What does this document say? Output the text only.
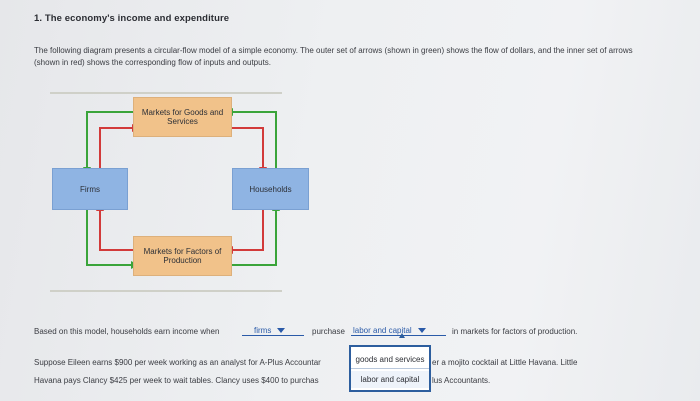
1. The economy's income and expenditure
The following diagram presents a circular-flow model of a simple economy. The outer set of arrows (shown in green) shows the flow of dollars, and the inner set of arrows (shown in red) shows the corresponding flow of inputs and outputs.
Markets for Goods and Services
Markets for Factors of Production
Firms	Households
Based on this model, households earn income when	firms	purchase labor and capital	in markets for factors of production.
Suppose Eileen earns $900 per week working as an analyst for A-Plus Accountar	er a mojito cocktail at Little Havana. Little
Havana pays Clancy $425 per week to wait tables. Clancy uses $400 to purchas	lus Accountants.
goods and services
labor and capital
